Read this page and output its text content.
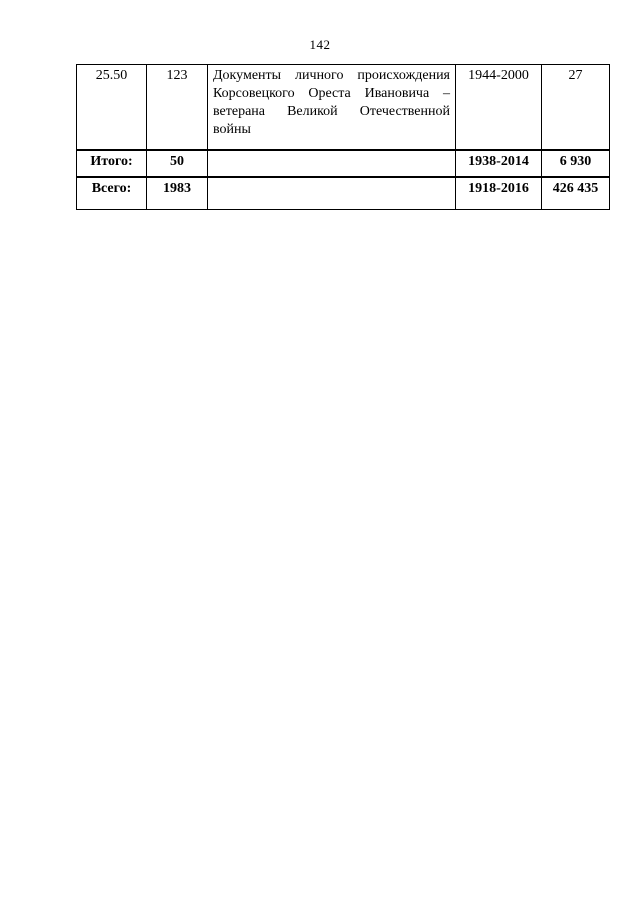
142
25.50	123	Документы личного происхождения Корсовецкого Ореста Ивановича – ветерана Великой Отечественной войны	1944-2000	27
Итого:	50		1938-2014	6 930
Всего:	1983		1918-2016	426 435
